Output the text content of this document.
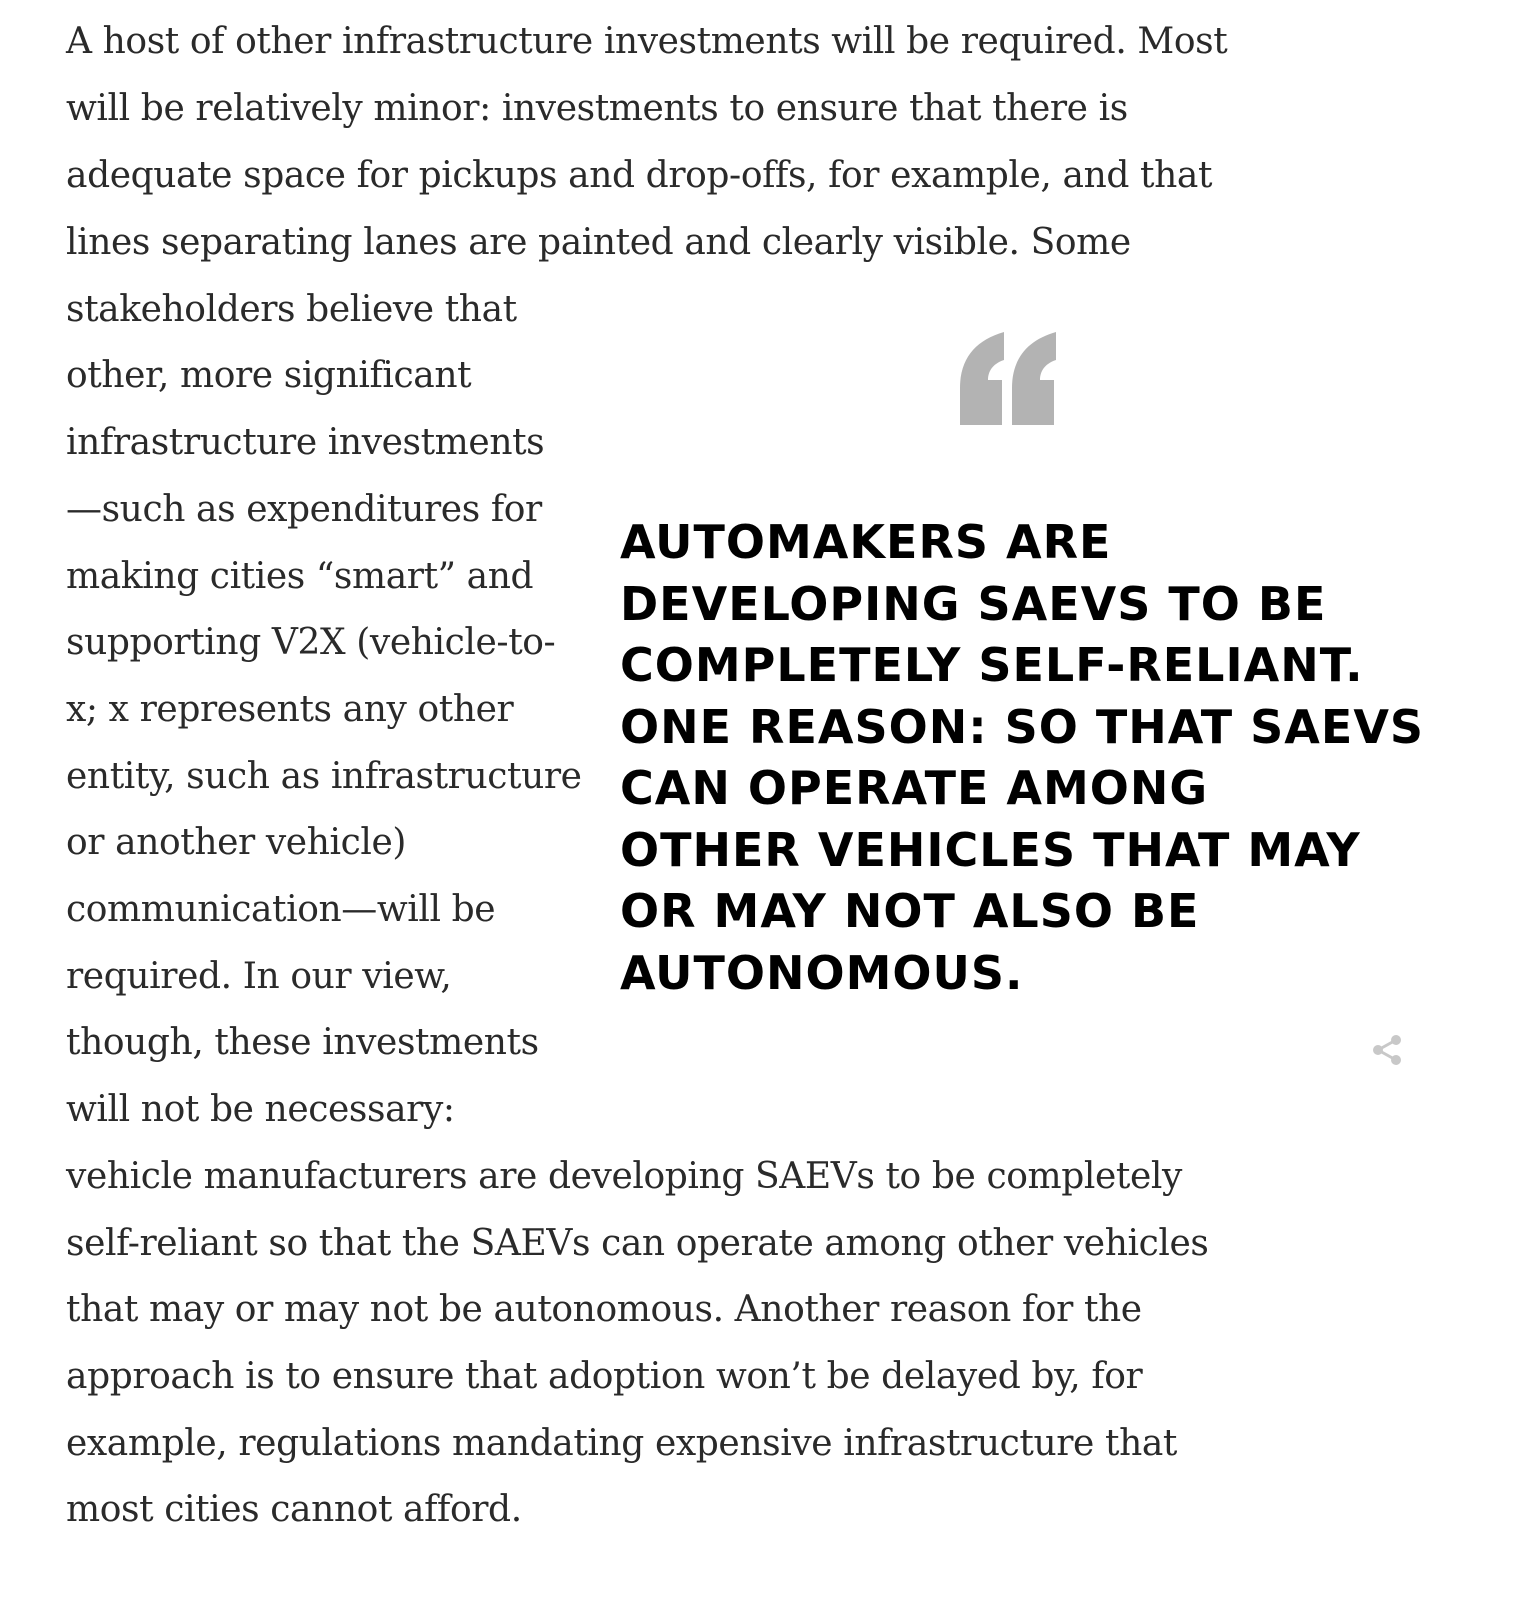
A host of other infrastructure investments will be required. Most
will be relatively minor: investments to ensure that there is
adequate space for pickups and drop-offs, for example, and that
lines separating lanes are painted and clearly visible. Some
stakeholders believe that
other, more significant
infrastructure investments
—such as expenditures for
making cities “smart” and
supporting V2X (vehicle-to-
x; x represents any other
entity, such as infrastructure
or another vehicle)
communication—will be
required. In our view,
though, these investments
will not be necessary:
vehicle manufacturers are developing SAEVs to be completely
self-reliant so that the SAEVs can operate among other vehicles
that may or may not be autonomous. Another reason for the
approach is to ensure that adoption won’t be delayed by, for
example, regulations mandating expensive infrastructure that
most cities cannot afford.

AUTOMAKERS ARE
DEVELOPING SAEVS TO BE
COMPLETELY SELF-RELIANT.
ONE REASON: SO THAT SAEVS
CAN OPERATE AMONG
OTHER VEHICLES THAT MAY
OR MAY NOT ALSO BE
AUTONOMOUS.
